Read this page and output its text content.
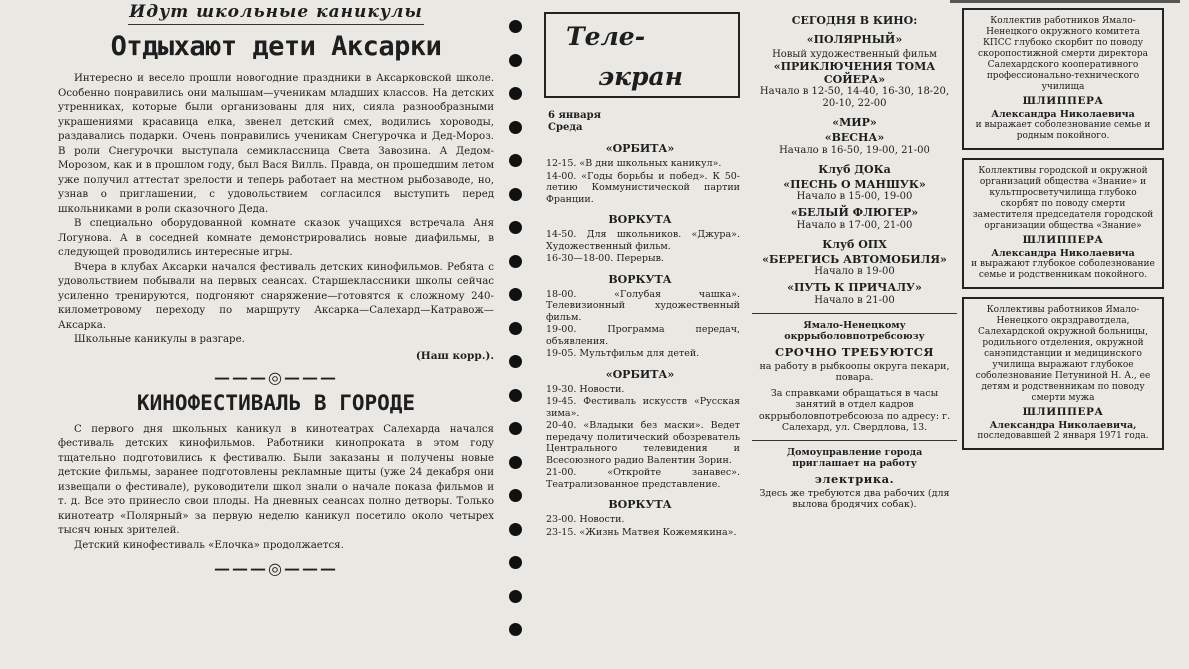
Идут школьные каникулы
Отдыхают дети Аксарки

Интересно и весело прошли новогодние праздники в Аксарковской школе. Особенно понравились они малышам—ученикам младших классов. На детских утренниках, которые были организованы для них, сияла разнообразными украшениями красавица елка, звенел детский смех, водились хороводы, раздавались подарки. Очень понравились ученикам Снегурочка и Дед-Мороз. В роли Снегурочки выступала семиклассница Света Завозина. А Дедом-Морозом, как и в прошлом году, был Вася Вилль. Правда, он прошедшим летом уже получил аттестат зрелости и теперь работает на местном рыбозаводе, но, узнав о приглашении, с удовольствием согласился выступить перед школьниками в роли сказочного Деда.

В специально оборудованной комнате сказок учащихся встречала Аня Логунова. А в соседней комнате демонстрировались новые диафильмы, в следующей проводились интересные игры.

Вчера в клубах Аксарки начался фестиваль детских кинофильмов. Ребята с удовольствием побывали на первых сеансах. Старшеклассники школы сейчас усиленно тренируются, подгоняют снаряжение—готовятся к сложному 240-километровому переходу по маршруту Аксарка—Салехард—Катравож—Аксарка.

Школьные каникулы в разгаре.

(Наш корр.).
———◎———
КИНОФЕСТИВАЛЬ В ГОРОДЕ

С первого дня школьных каникул в кинотеатрах Салехарда начался фестиваль детских кинофильмов. Работники кинопроката в этом году тщательно подготовились к фестивалю. Были заказаны и получены новые детские фильмы, заранее подготовлены рекламные щиты (уже 24 декабря они извещали о фестивале), руководители школ знали о начале показа фильмов и т. д. Все это принесло свои плоды. На дневных сеансах полно детворы. Только кинотеатр «Полярный» за первую неделю каникул посетило около четырех тысяч юных зрителей.

Детский кинофестиваль «Елочка» продолжается.

———◎———
Теле-
экран
6 января
Среда
«ОРБИТА»
12-15. «В дни школьных каникул».
14-00. «Годы борьбы и побед». К 50-летию Коммунистической партии Франции.
ВОРКУТА
14-50. Для школьников. «Джура». Художественный фильм.
16-30—18-00. Перерыв.
ВОРКУТА
18-00. «Голубая чашка». Телевизионный художественный фильм.
19-00. Программа передач, объявления.
19-05. Мультфильм для детей.
«ОРБИТА»
19-30. Новости.
19-45. Фестиваль искусств «Русская зима».
20-40. «Владыки без маски». Ведет передачу политический обозреватель Центрального телевидения и Всесоюзного радио Валентин Зорин.
21-00. «Откройте занавес». Театрализованное представление.
ВОРКУТА
23-00. Новости.
23-15. «Жизнь Матвея Кожемякина».
СЕГОДНЯ В КИНО:
«ПОЛЯРНЫЙ»
Новый художественный фильм
«ПРИКЛЮЧЕНИЯ ТОМА СОЙЕРА»
Начало в 12-50, 14-40, 16-30, 18-20, 20-10, 22-00
«МИР»
«ВЕСНА»
Начало в 16-50, 19-00, 21-00
Клуб ДОКа
«ПЕСНЬ О МАНШУК»
Начало в 15-00, 19-00
«БЕЛЫЙ ФЛЮГЕР»
Начало в 17-00, 21-00
Клуб ОПХ
«БЕРЕГИСЬ АВТОМОБИЛЯ»
Начало в 19-00
«ПУТЬ К ПРИЧАЛУ»
Начало в 21-00
Ямало-Ненецкому окррыболовпотребсоюзу
СРОЧНО ТРЕБУЮТСЯ
на работу в рыбкоопы округа пекари, повара.
За справками обращаться в часы занятий в отдел кадров окррыболовпотребсоюза по адресу: г. Салехард, ул. Свердлова, 13.
Домоуправление города приглашает на работу
электрика.
Здесь же требуются два рабочих (для вылова бродячих собак).
Коллектив работников Ямало-Ненецкого окружного комитета КПСС глубоко скорбит по поводу скоропостижной смерти директора Салехардского кооперативного профессионально-технического училища
ШЛИППЕРА
Александра Николаевича
и выражает соболезнование семье и родным покойного.
Коллективы городской и окружной организаций общества «Знание» и культпросветучилища глубоко скорбят по поводу смерти заместителя председателя городской организации общества «Знание»
ШЛИППЕРА
Александра Николаевича
и выражают глубокое соболезнование семье и родственникам покойного.
Коллективы работников Ямало-Ненецкого окрздравотдела, Салехардской окружной больницы, родильного отделения, окружной санэпидстанции и медицинского училища выражают глубокое соболезнование Петуниной Н. А., ее детям и родственникам по поводу смерти мужа
ШЛИППЕРА
Александра Николаевича,
последовавшей 2 января 1971 года.
